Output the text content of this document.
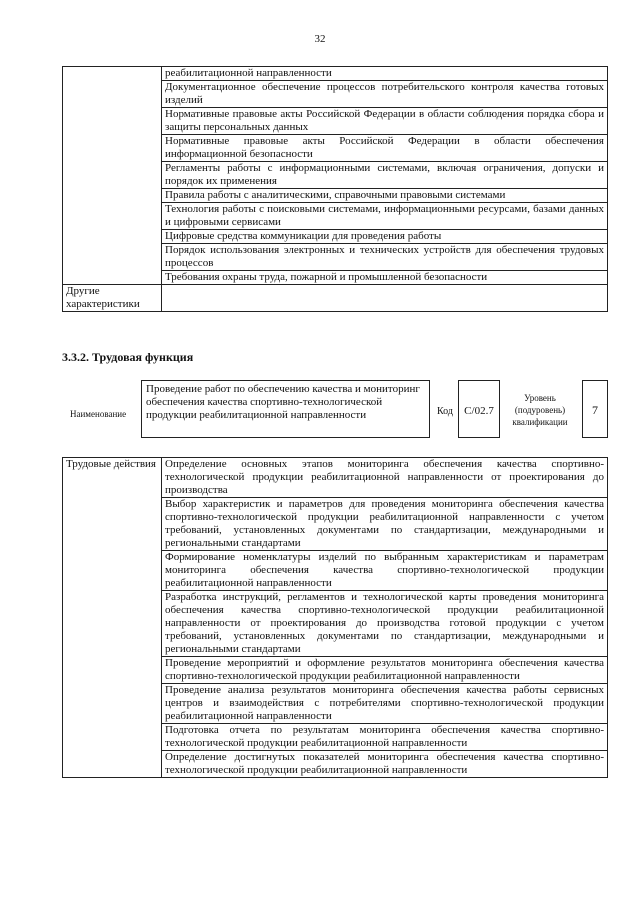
32
	реабилитационной направленности
	Документационное обеспечение процессов потребительского контроля качества готовых изделий
	Нормативные правовые акты Российской Федерации в области соблюдения порядка сбора и защиты персональных данных
	Нормативные правовые акты Российской Федерации в области обеспечения информационной безопасности
	Регламенты работы с информационными системами, включая ограничения, допуски и порядок их применения
	Правила работы с аналитическими, справочными правовыми системами
	Технология работы с поисковыми системами, информационными ресурсами, базами данных и цифровыми сервисами
	Цифровые средства коммуникации для проведения работы
	Порядок использования электронных и технических устройств для обеспечения трудовых процессов
	Требования охраны труда, пожарной и промышленной безопасности
Другие характеристики	
3.3.2. Трудовая функция
Наименование
Проведение работ по обеспечению качества и мониторинг обеспечения качества спортивно-технологической продукции реабилитационной направленности	Код	C/02.7
Уровень (подуровень) квалификации
7
Трудовые действия	Определение основных этапов мониторинга обеспечения качества спортивно-технологической продукции реабилитационной направленности от проектирования до производства
Выбор характеристик и параметров для проведения мониторинга обеспечения качества спортивно-технологической продукции реабилитационной направленности с учетом требований, установленных документами по стандартизации, международными и региональными стандартами
Формирование номенклатуры изделий по выбранным характеристикам и параметрам мониторинга обеспечения качества спортивно-технологической продукции реабилитационной направленности
Разработка инструкций, регламентов и технологической карты проведения мониторинга обеспечения качества спортивно-технологической продукции реабилитационной направленности от проектирования до производства готовой продукции с учетом требований, установленных документами по стандартизации, международными и региональными стандартами
Проведение мероприятий и оформление результатов мониторинга обеспечения качества спортивно-технологической продукции реабилитационной направленности
Проведение анализа результатов мониторинга обеспечения качества работы сервисных центров и взаимодействия с потребителями спортивно-технологической продукции реабилитационной направленности
Подготовка отчета по результатам мониторинга обеспечения качества спортивно-технологической продукции реабилитационной направленности
Определение достигнутых показателей мониторинга обеспечения качества спортивно-технологической продукции реабилитационной направленности
